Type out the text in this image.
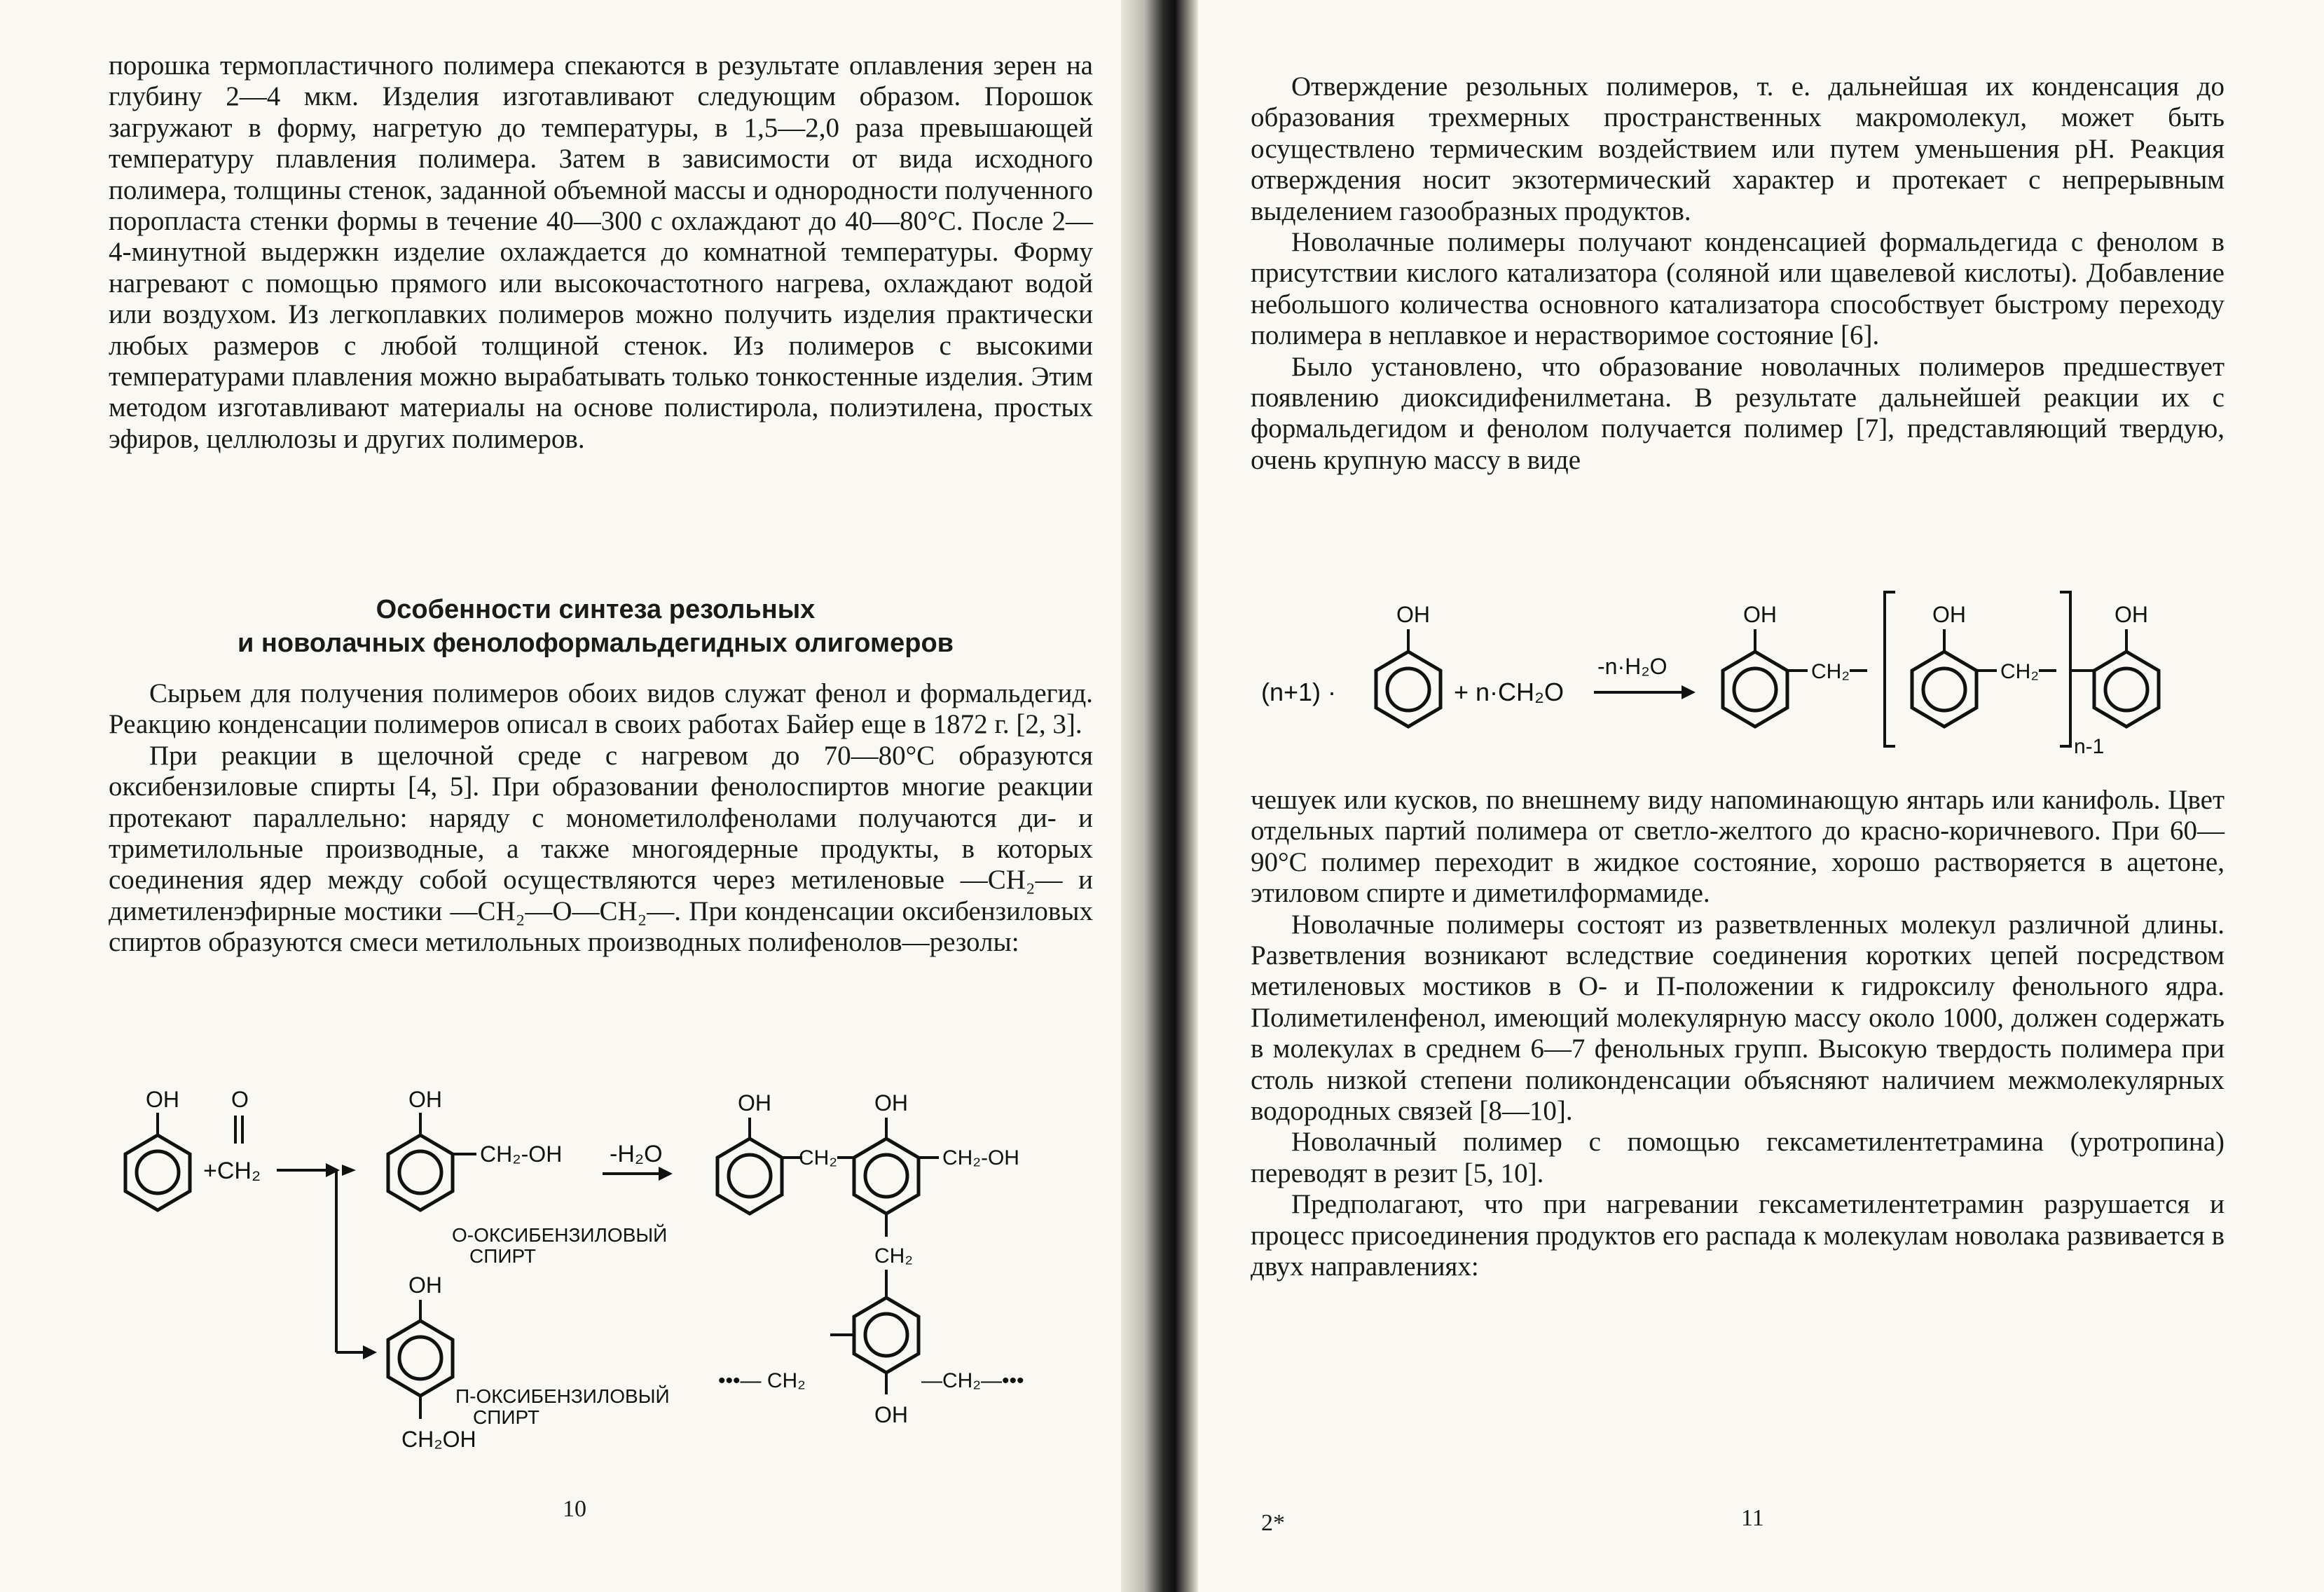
порошка термопластичного полимера спекаются в результате оплавления зерен на глубину 2—4 мкм. Изделия изготавливают следующим образом. Порошок загружают в форму, нагретую до температуры, в 1,5—2,0 раза превышающей температуру плавления полимера. Затем в зависимости от вида исходного полимера, толщины стенок, заданной объемной массы и однородности полученного поропласта стенки формы в течение 40—300 с охлаждают до 40—80°С. После 2—4-минутной выдержкн изделие охлаждается до комнатной температуры. Форму нагревают с помощью прямого или высокочастотного нагрева, охлаждают водой или воздухом. Из легкоплавких полимеров можно получить изделия практически любых размеров с любой толщиной стенок. Из полимеров с высокими температурами плавления можно вырабатывать только тонкостенные изделия. Этим методом изготавливают материалы на основе полистирола, полиэтилена, простых эфиров, целлюлозы и других полимеров.

Особенности синтеза резольных
и новолачных фенолоформальдегидных олигомеров

Сырьем для получения полимеров обоих видов служат фенол и формальдегид. Реакцию конденсации полимеров описал в своих работах Байер еще в 1872 г. [2, 3].

При реакции в щелочной среде с нагревом до 70—80°С образуются оксибензиловые спирты [4, 5]. При образовании фенолоспиртов многие реакции протекают параллельно: наряду с монометилолфенолами получаются ди- и триметилольные производные, а также многоядерные продукты, в которых соединения ядер между собой осуществляются через метиленовые —СН₂— и диметиленэфирные мостики —СН₂—О—СН₂—. При конденсации оксибензиловых спиртов образуются смеси метилольных производных полифенолов—резолы:

OH O
+CH₂
OH
CH₂-OH
О-ОКСИБЕНЗИЛОВЫЙ
СПИРТ
-H₂O
OH
CH₂OH
П-ОКСИБЕНЗИЛОВЫЙ
СПИРТ
OH
CH₂
OH
CH₂-OH
CH₂
OH
•••— CH₂	—CH₂—•••
10

Отверждение резольных полимеров, т. е. дальнейшая их конденсация до образования трехмерных пространственных макромолекул, может быть осуществлено термическим воздействием или путем уменьшения рН. Реакция отверждения носит экзотермический характер и протекает с непрерывным выделением газообразных продуктов.

Новолачные полимеры получают конденсацией формальдегида с фенолом в присутствии кислого катализатора (соляной или щавелевой кислоты). Добавление небольшого количества основного катализатора способствует быстрому переходу полимера в неплавкое и нерастворимое состояние [6].

Было установлено, что образование новолачных полимеров предшествует появлению диоксидифенилметана. В результате дальнейшей реакции их с формальдегидом и фенолом получается полимер [7], представляющий твердую, очень крупную массу в виде

(n+1) ·
OH
+ n·CH₂O
-n·H₂O
OH
CH₂
OH
CH₂
n-1
OH

чешуек или кусков, по внешнему виду напоминающую янтарь или канифоль. Цвет отдельных партий полимера от светло-желтого до красно-коричневого. При 60—90°С полимер переходит в жидкое состояние, хорошо растворяется в ацетоне, этиловом спирте и диметилформамиде.

Новолачные полимеры состоят из разветвленных молекул различной длины. Разветвления возникают вследствие соединения коротких цепей посредством метиленовых мостиков в О- и П-положении к гидроксилу фенольного ядра. Полиметиленфенол, имеющий молекулярную массу около 1000, должен содержать в молекулах в среднем 6—7 фенольных групп. Высокую твердость полимера при столь низкой степени поликонденсации объясняют наличием межмолекулярных водородных связей [8—10].

Новолачный полимер с помощью гексаметилентетрамина (уротропина) переводят в резит [5, 10].

Предполагают, что при нагревании гексаметилентетрамин разрушается и процесс присоединения продуктов его распада к молекулам новолака развивается в двух направлениях:

2*	11
